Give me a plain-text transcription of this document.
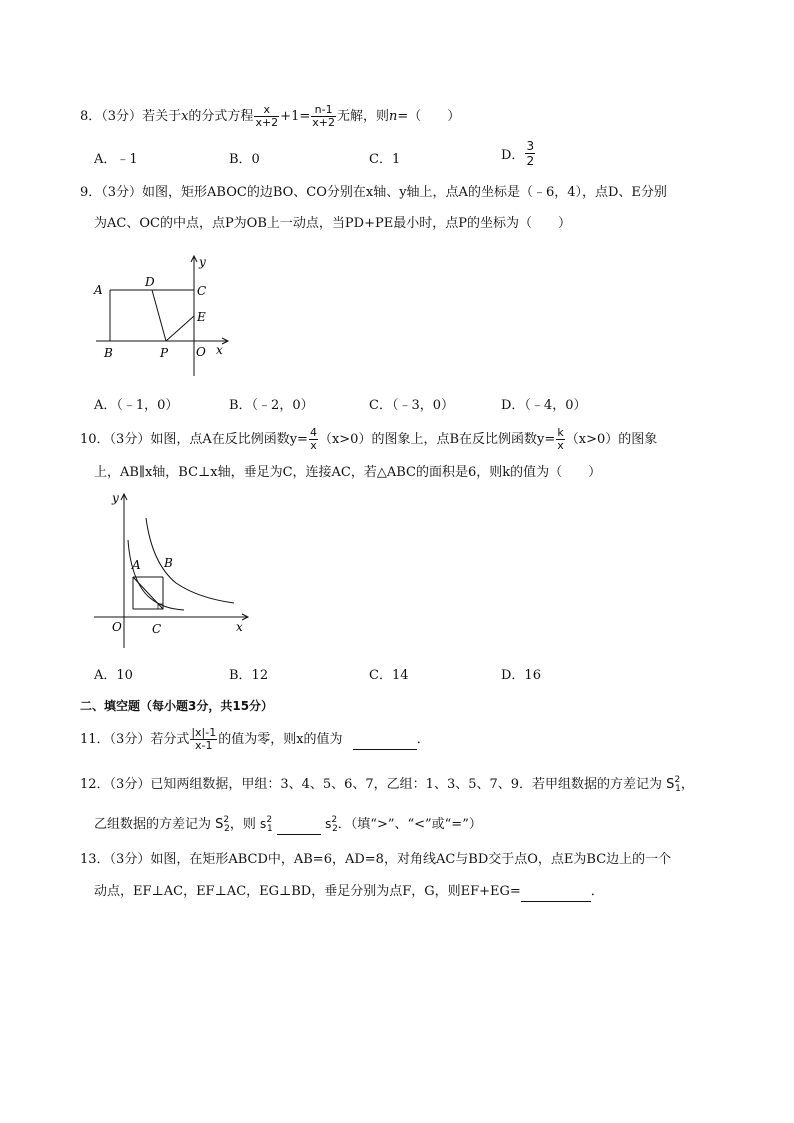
8．（3分）若关于x的分式方程 $\frac{x}{x+2} +1= \frac{n-1}{x+2}$ 无解，则n=（　　）
A．﹣1	B．0	C．1	D． $\frac{3}{2}$
9．（3分）如图，矩形ABOC的边BO、CO分别在x轴、y轴上，点A的坐标是（﹣6，4），点D、E分别
为AC、OC的中点，点P为OB上一动点，当PD+PE最小时，点P的坐标为（　　）
A
D
C
E
B	P O x
y
A．（﹣1，0）	B．（﹣2，0）	C．（﹣3，0）	D．（﹣4，0）
10．（3分）如图，点A在反比例函数$y= \frac{4}{x} (x>0)$的图象上，点B在反比例函数$y= \frac{k}{x} (x>0)$的图象
上，AB∥x轴，BC⊥x轴，垂足为C，连接AC，若△ABC的面积是6，则k的值为（　　）
y
A B
O	C	x
A．10	B．12	C．14	D．16
二、填空题（每小题3分，共15分）
11．（3分）若分式 $\frac{|x|-1}{x-1}$ 的值为零，则x的值为	．
12．（3分）已知两组数据，甲组：3、4、5、6、7，乙组：1、3、5、7、9．若甲组数据的方差记为 $S^2_1$，
乙组数据的方差记为 $S^2_2$，则 $s^2_1$	$s^2_2$．（填“>”、“<”或“=”）
13．（3分）如图，在矩形ABCD中，AB=6，AD=8，对角线AC与BD交于点O，点E为BC边上的一个
动点，EF⊥AC，EF⊥AC，EG⊥BD，垂足分别为点F，G，则EF+EG=	．
